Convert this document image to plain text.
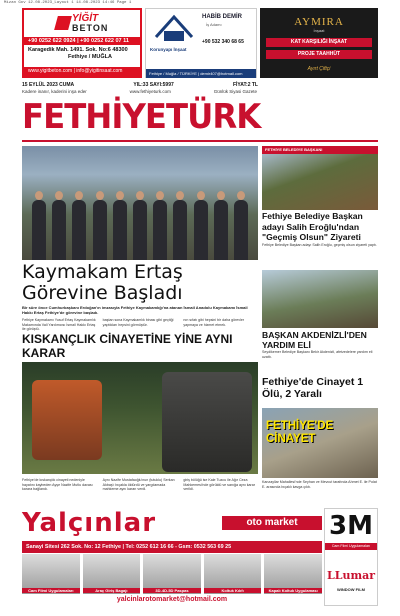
Mizan Gov 12.08.2023_Layout 1 14.08.2023 14:46 Page 1
YİĞİT
BETON
+90 0252 622 0924 | +90 0252 622 07 11
Karagedik Mah. 1491. Sok. No:6 48300
Fethiye / MUĞLA
www.yigitbeton.com | info@yigitinsaat.com
Korunyapı İnşaat
HABİB DEMİR
İş Adamı
+90 532 340 68 65
Fethiye / Muğla / TÜRKİYE | demir407@hotmail.com
AYMIRA
İnşaat
KAT KARŞILIĞI İNŞAAT
PROJE TAAHHÜT
Ayırt Çiftçi
15 EYLÜL 2023 CUMA	YIL:33 SAYI:5997	FİYAT:2 TL
Kadere inanır, kaderini inşa eder	www.fethiyeturk.com	Günlük Siyasi Gazete
FETHİYETÜRK
Kaymakam Ertaş Görevine Başladı
Bir süre önce Cumhurbaşkanı Erdoğan'ın imzasıyla Fethiye Kaymakamlığı'na atanan İsmail Anadolu Kaymakamı İsmail Hakkı Ertaş Fethiye'de görevine başladı.
Fethiye Kaymakamı Yusuf Ertaş Kaymakamlık Makamında Vali Yardımcısı İsmail Hakkı Ertaş ile görüştü.
baştan sona Kaymakamlık binası gibi geçtiği yaptıkları hepsini görmüştür.
nın sıfatı gibi hepsini bir daha görevler yapmaya ve hizmet etmek.
KISKANÇLIK CİNAYETİNE YİNE AYNI KARAR
Fethiye'de kıskançlık cinayeti nedeniyle hayatını kaybeden Ayşe Nazife Mutlu davası karara bağlandı.
Aynı Nazife Mustafaoğlu'nun (tutuklu) Serkan Akbaş'ı bıçakla öldürdü ve yargılamada mahkeme aynı kararı verdi.
giriş bölüğü ise Kale Tuzcu ile Ağır Ceza Mahkemesi'nde görüldü ve sanığa aynı karar verildi.
FETHİYE BELEDİYE BAŞKANI
Fethiye Belediye Başkan adayı Salih Eroğlu'ndan "Geçmiş Olsun" Ziyareti
Fethiye Belediye Başkan adayı Salih Eroğlu, geçmiş olsun ziyareti yaptı.
BAŞKAN AKDENİZLİ'DEN YARDIM ELİ
Seydikemer Belediye Başkanı Bekir Akdenizli, afetzedelere yardım eli uzattı.
Fethiye'de Cinayet 1 Ölü, 2 Yaralı
FETHİYE'DE
CİNAYET
Kanzayllar Mahallesi'nde Seyhan ve Mevcut tarafında Ahmet E. ile Polat E. arasında bıçaklı kavga çıktı.
Yalçınlar	oto market
Sanayi Sitesi 262 Sok. No: 12 Fethiye | Tel: 0252 612 16 66 - Gsm: 0532 563 69 25
Cam Filmi Uygulamaları	Araç Giriş Bagajı	3D-4D-5D Paspas	Koltuk Kılıfı	Kapalı Koltuk Uygulaması
yalcinlarotomarket@hotmail.com
3M
Cam Filmi Uygulamaları
LLumar
WINDOW FILM
